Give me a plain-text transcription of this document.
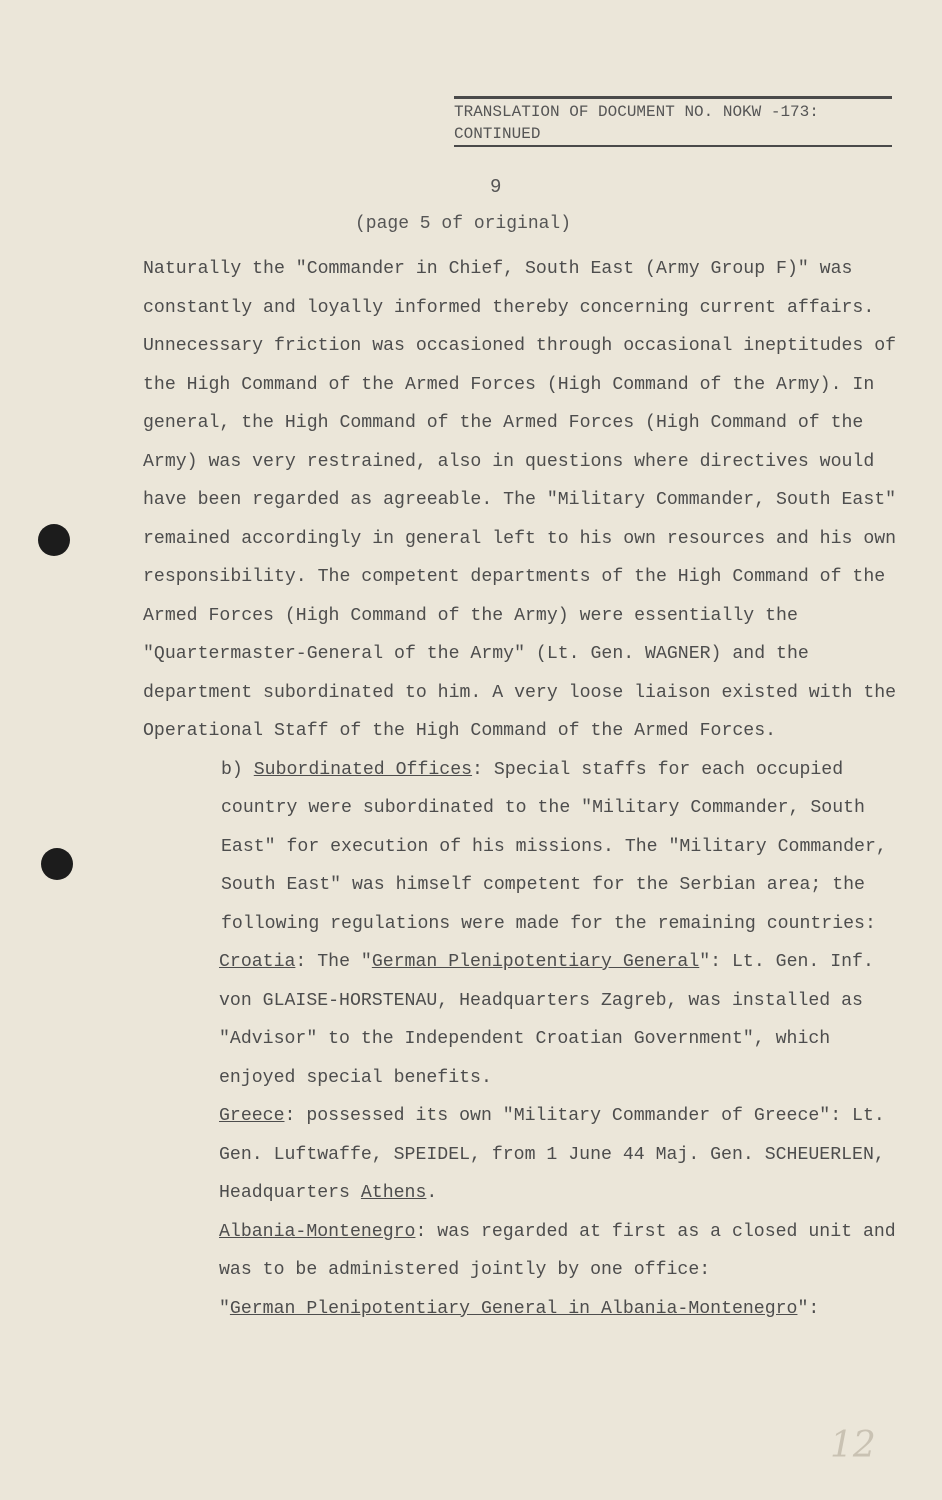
TRANSLATION OF DOCUMENT NO. NOKW -173:
CONTINUED
9
(page 5 of original)

Naturally the "Commander in Chief, South East (Army Group F)" was constantly and loyally informed thereby concerning current affairs. Unnecessary friction was occasioned through occasional ineptitudes of the High Command of the Armed Forces (High Command of the Army). In general, the High Command of the Armed Forces (High Command of the Army) was very restrained, also in questions where directives would have been regarded as agreeable. The "Military Commander, South East" remained accordingly in general left to his own resources and his own responsibility. The competent departments of the High Command of the Armed Forces (High Command of the Army) were essentially the "Quartermaster-General of the Army" (Lt. Gen. WAGNER) and the department subordinated to him. A very loose liaison existed with the Operational Staff of the High Command of the Armed Forces.

b) Subordinated Offices: Special staffs for each occupied country were subordinated to the "Military Commander, South East" for execution of his missions. The "Military Commander, South East" was himself competent for the Serbian area; the following regulations were made for the remaining countries:

Croatia: The "German Plenipotentiary General": Lt. Gen. Inf. von GLAISE-HORSTENAU, Headquarters Zagreb, was installed as "Advisor" to the Independent Croatian Government", which enjoyed special benefits.

Greece: possessed its own "Military Commander of Greece": Lt. Gen. Luftwaffe, SPEIDEL, from 1 June 44 Maj. Gen. SCHEUERLEN, Headquarters Athens.

Albania-Montenegro: was regarded at first as a closed unit and was to be administered jointly by one office:

"German Plenipotentiary General in Albania-Montenegro":

12
